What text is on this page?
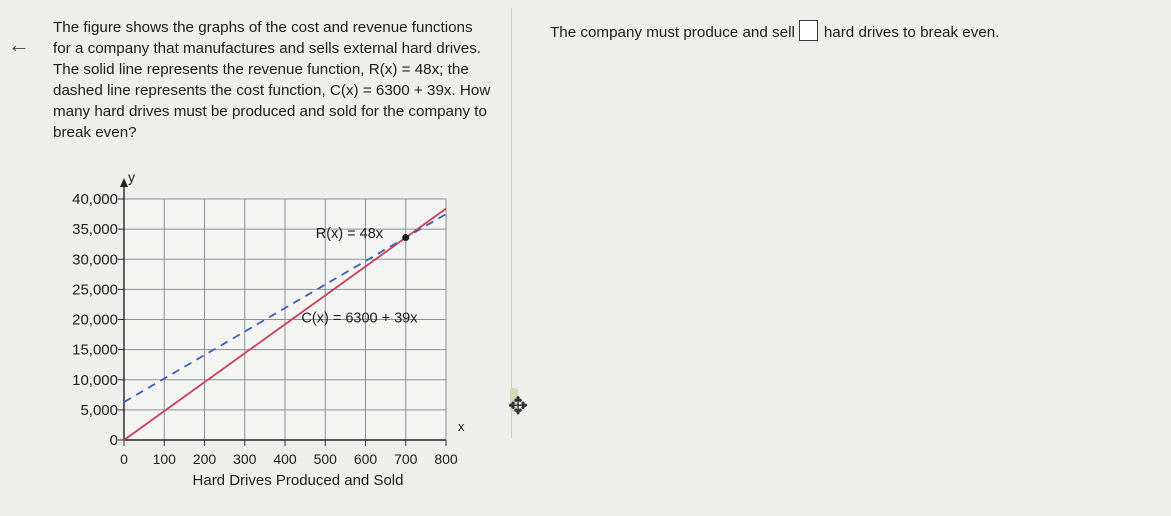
←
The figure shows the graphs of the cost and revenue functions for a company that manufactures and sells external hard drives. The solid line represents the revenue function, R(x) = 48x; the dashed line represents the cost function, C(x) = 6300 + 39x. How many hard drives must be produced and sold for the company to break even?
The company must produce and sell hard drives to break even.
0 100 200 300 400 500 600 700 800
0
5,000
10,000
15,000
20,000
25,000
30,000
35,000
40,000
R(x) = 48x
C(x) = 6300 + 39x
Hard Drives Produced and Sold
y
x
✥
